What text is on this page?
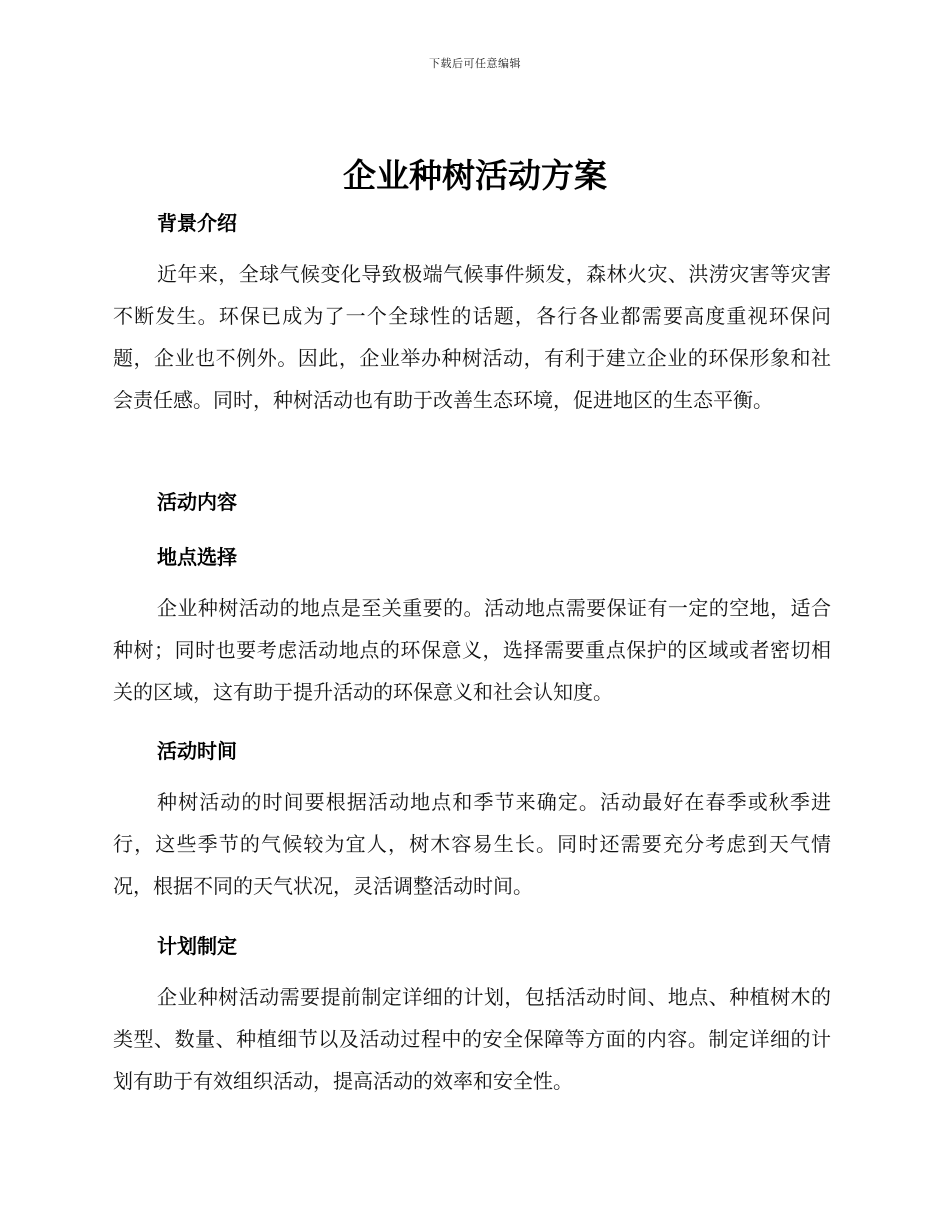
下载后可任意编辑
企业种树活动方案
背景介绍

近年来，全球气候变化导致极端气候事件频发，森林火灾、洪涝灾害等灾害不断发生。环保已成为了一个全球性的话题，各行各业都需要高度重视环保问题，企业也不例外。因此，企业举办种树活动，有利于建立企业的环保形象和社会责任感。同时，种树活动也有助于改善生态环境，促进地区的生态平衡。

活动内容
地点选择

企业种树活动的地点是至关重要的。活动地点需要保证有一定的空地，适合种树；同时也要考虑活动地点的环保意义，选择需要重点保护的区域或者密切相关的区域，这有助于提升活动的环保意义和社会认知度。

活动时间

种树活动的时间要根据活动地点和季节来确定。活动最好在春季或秋季进行，这些季节的气候较为宜人，树木容易生长。同时还需要充分考虑到天气情况，根据不同的天气状况，灵活调整活动时间。

计划制定

企业种树活动需要提前制定详细的计划，包括活动时间、地点、种植树木的类型、数量、种植细节以及活动过程中的安全保障等方面的内容。制定详细的计划有助于有效组织活动，提高活动的效率和安全性。
